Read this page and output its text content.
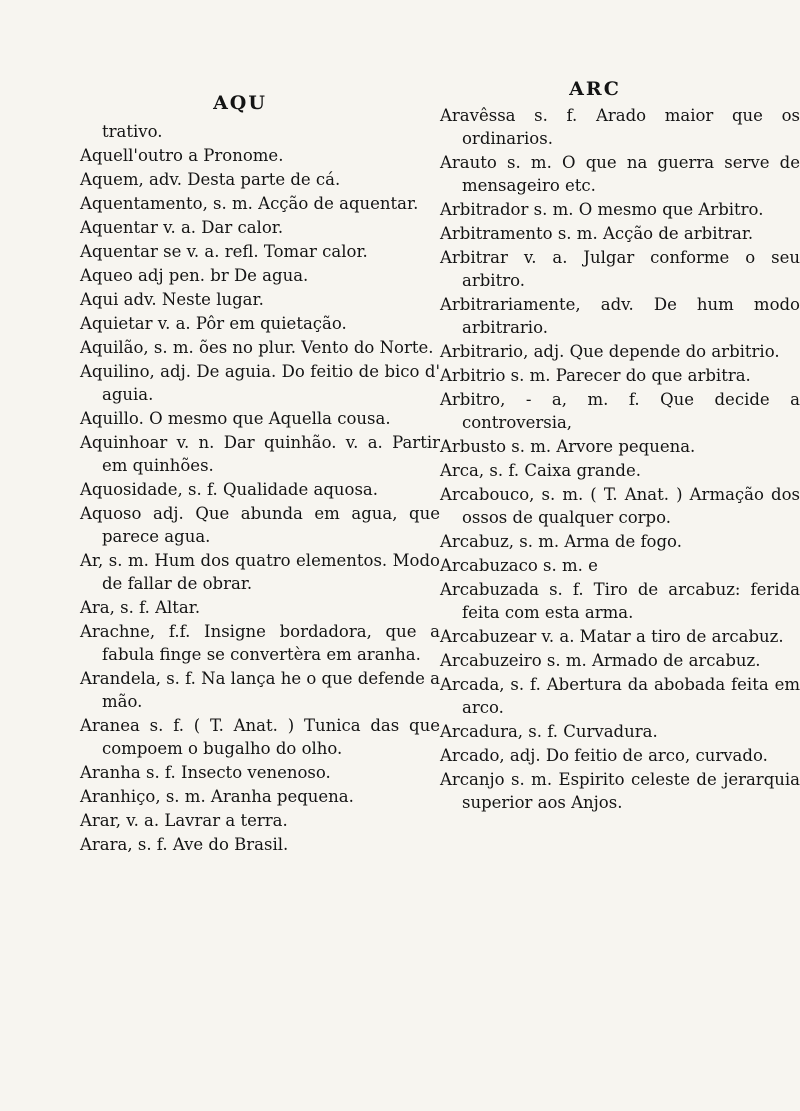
AQU
trativo.
Aquell'outro a Pronome.
Aquem, adv. Desta parte de cá.
Aquentamento, s. m. Acção de aquentar.
Aquentar v. a. Dar calor.
Aquentar se v. a. refl. Tomar calor.
Aqueo adj pen. br De agua.
Aqui adv. Neste lugar.
Aquietar v. a. Pôr em quietação.
Aquilão, s. m. ões no plur. Vento do Norte.
Aquilino, adj. De aguia. Do feitio de bico d' aguia.
Aquillo. O mesmo que Aquella cousa.
Aquinhoar v. n. Dar quinhão. v. a. Partir em quinhões.
Aquosidade, s. f. Qualidade aquosa.
Aquoso adj. Que abunda em agua, que parece agua.
Ar, s. m. Hum dos quatro elementos. Modo de fallar de obrar.
Ara, s. f. Altar.
Arachne, f.f. Insigne bordadora, que a fabula finge se convertèra em aranha.
Arandela, s. f. Na lança he o que defende a mão.
Aranea s. f. ( T. Anat. ) Tunica das que compoem o bugalho do olho.
Aranha s. f. Insecto venenoso.
Aranhiço, s. m. Aranha pequena.
Arar, v. a. Lavrar a terra.
Arara, s. f. Ave do Brasil.
ARC
Aravêssa s. f. Arado maior que os ordinarios.
Arauto s. m. O que na guerra serve de mensageiro etc.
Arbitrador s. m. O mesmo que Arbitro.
Arbitramento s. m. Acção de arbitrar.
Arbitrar v. a. Julgar conforme o seu arbitro.
Arbitrariamente, adv. De hum modo arbitrario.
Arbitrario, adj. Que depende do arbitrio.
Arbitrio s. m. Parecer do que arbitra.
Arbitro, - a, m. f. Que decide a controversia,
Arbusto s. m. Arvore pequena.
Arca, s. f. Caixa grande.
Arcabouco, s. m. ( T. Anat. ) Armação dos ossos de qualquer corpo.
Arcabuz, s. m. Arma de fogo.
Arcabuzaco s. m. e
Arcabuzada s. f. Tiro de arcabuz: ferida feita com esta arma.
Arcabuzear v. a. Matar a tiro de arcabuz.
Arcabuzeiro s. m. Armado de arcabuz.
Arcada, s. f. Abertura da abobada feita em arco.
Arcadura, s. f. Curvadura.
Arcado, adj. Do feitio de arco, curvado.
Arcanjo s. m. Espirito celeste de jerarquia superior aos Anjos.
